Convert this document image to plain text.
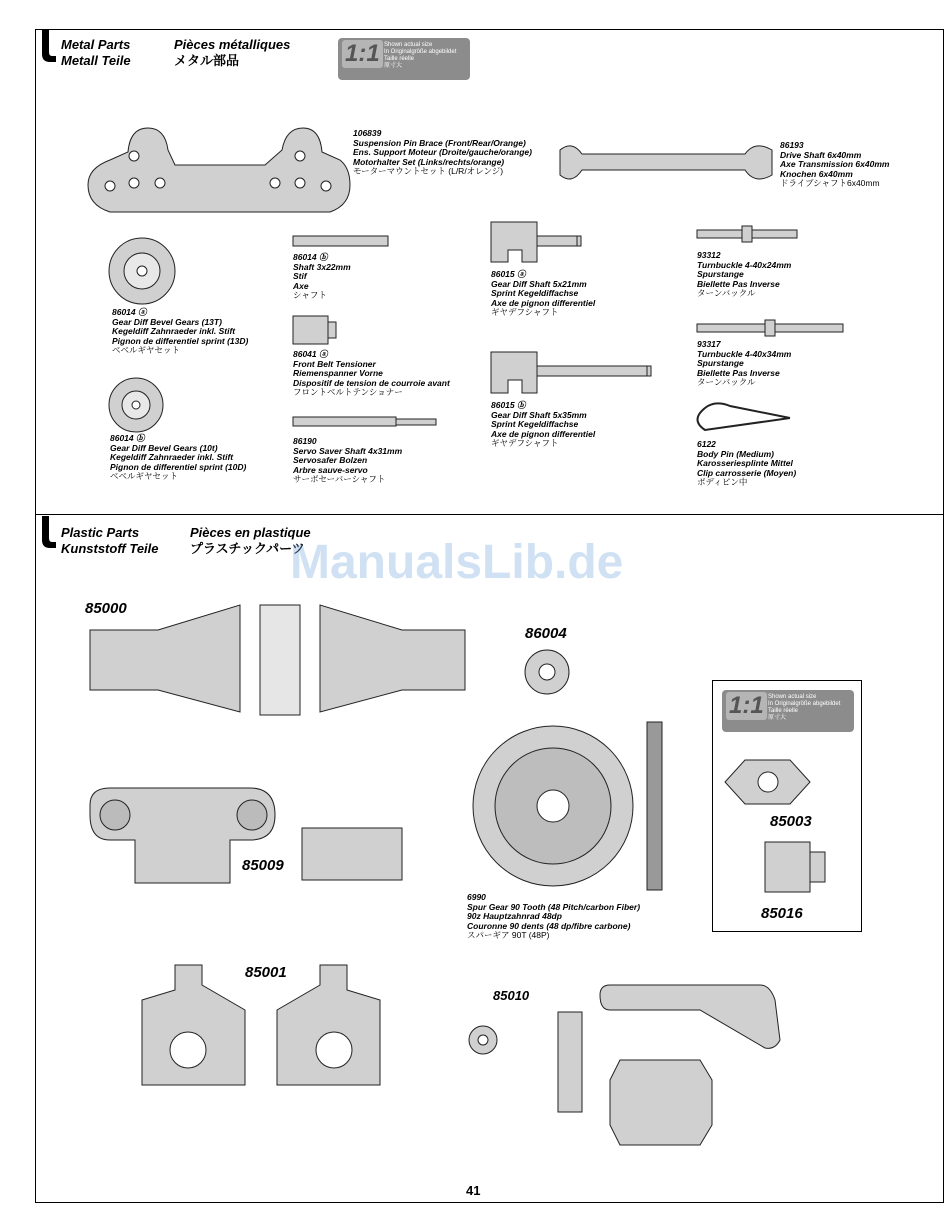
Metal Parts
Metall Teile
Pièces métalliques
メタル部品	1:1 Shown actual size
In Originalgröße abgebildet
Taille réelle
原寸大
Plastic Parts
Kunststoff Teile
Pièces en plastique
プラスチックパーツ
106839
Suspension Pin Brace (Front/Rear/Orange)
Ens. Support Moteur (Droite/gauche/orange)
Motorhalter Set (Links/rechts/orange)
モーターマウントセット (L/R/オレンジ)
86193
Drive Shaft 6x40mm
Axe Transmission 6x40mm
Knochen 6x40mm
ドライブシャフト6x40mm
86014 ⓑ
Shaft 3x22mm
Stif
Axe
シャフト
86015 ⓐ
Gear Diff Shaft 5x21mm
Sprint Kegeldiffachse
Axe de pignon differentiel
ギヤデフシャフト
93312
Turnbuckle 4-40x24mm
Spurstange
Biellette Pas Inverse
ターンバックル
86014 ⓐ
Gear Diff Bevel Gears (13T)
Kegeldiff Zahnraeder inkl. Stift
Pignon de differentiel sprint (13D)
ベベルギヤセット	86041 ⓐ
Front Belt Tensioner
Riemenspanner Vorne
Dispositif de tension de courroie avant
フロントベルトテンショナー
93317
Turnbuckle 4-40x34mm
Spurstange
Biellette Pas Inverse
ターンバックル
86014 ⓑ
Gear Diff Bevel Gears (10t)
Kegeldiff Zahnraeder inkl. Stift
Pignon de differentiel sprint (10D)
ベベルギヤセット
86190
Servo Saver Shaft 4x31mm
Servosafer Bolzen
Arbre sauve-servo
サーボセーバーシャフト
86015 ⓑ
Gear Diff Shaft 5x35mm
Sprint Kegeldiffachse
Axe de pignon differentiel
ギヤデフシャフト	6122
Body Pin (Medium)
Karosseriesplinte Mittel
Clip carrosserie (Moyen)
ボディピン中
85000
86004
85009
85001
85010
6990
Spur Gear 90 Tooth (48 Pitch/carbon Fiber)
90z Hauptzahnrad 48dp
Couronne 90 dents (48 dp/fibre carbone)
スパーギア 90T (48P)
1:1 Shown actual size
In Originalgröße abgebildet
Taille réelle
原寸大
85003
85016
ManualsLib.de
41
